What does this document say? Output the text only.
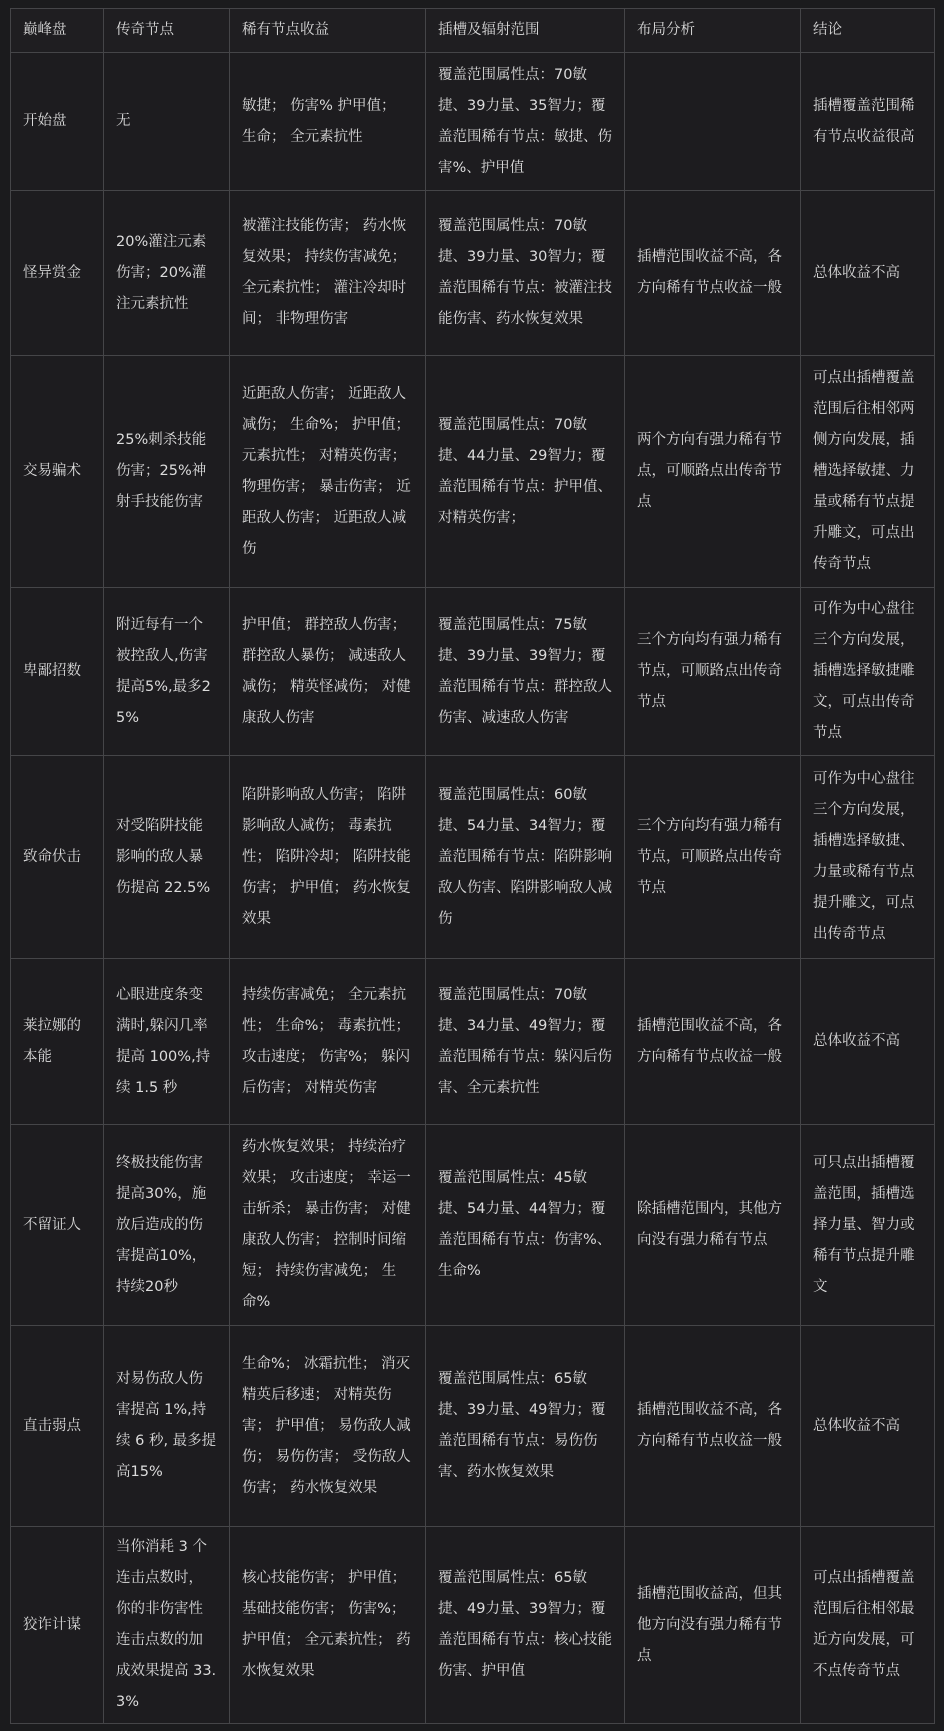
巅峰盘	传奇节点	稀有节点收益	插槽及辐射范围	布局分析	结论
开始盘	无	敏捷； 伤害% 护甲值； 生命； 全元素抗性	覆盖范围属性点：70敏捷、39力量、35智力；覆盖范围稀有节点：敏捷、伤害%、护甲值		插槽覆盖范围稀有节点收益很高
怪异赏金	20%灌注元素伤害；20%灌注元素抗性	被灌注技能伤害； 药水恢复效果； 持续伤害减免； 全元素抗性； 灌注冷却时间； 非物理伤害	覆盖范围属性点：70敏捷、39力量、30智力；覆盖范围稀有节点：被灌注技能伤害、药水恢复效果	插槽范围收益不高，各方向稀有节点收益一般	总体收益不高
交易骗术	25%刺杀技能伤害；25%神射手技能伤害	近距敌人伤害； 近距敌人减伤； 生命%； 护甲值； 元素抗性； 对精英伤害； 物理伤害； 暴击伤害； 近距敌人伤害； 近距敌人减伤	覆盖范围属性点：70敏捷、44力量、29智力；覆盖范围稀有节点：护甲值、对精英伤害；	两个方向有强力稀有节点，可顺路点出传奇节点	可点出插槽覆盖范围后往相邻两侧方向发展，插槽选择敏捷、力量或稀有节点提升雕文，可点出传奇节点
卑鄙招数	附近每有一个被控敌人,伤害提高5%,最多25%	护甲值； 群控敌人伤害； 群控敌人暴伤； 减速敌人减伤； 精英怪减伤； 对健康敌人伤害	覆盖范围属性点：75敏捷、39力量、39智力；覆盖范围稀有节点：群控敌人伤害、减速敌人伤害	三个方向均有强力稀有节点，可顺路点出传奇节点	可作为中心盘往三个方向发展，插槽选择敏捷雕文，可点出传奇节点
致命伏击	对受陷阱技能影响的敌人暴伤提高 22.5%	陷阱影响敌人伤害； 陷阱影响敌人减伤； 毒素抗性； 陷阱冷却； 陷阱技能伤害； 护甲值； 药水恢复效果	覆盖范围属性点：60敏捷、54力量、34智力；覆盖范围稀有节点：陷阱影响敌人伤害、陷阱影响敌人减伤	三个方向均有强力稀有节点，可顺路点出传奇节点	可作为中心盘往三个方向发展，插槽选择敏捷、力量或稀有节点提升雕文，可点出传奇节点
莱拉娜的本能	心眼进度条变满时,躲闪几率提高 100%,持续 1.5 秒	持续伤害减免； 全元素抗性； 生命%； 毒素抗性； 攻击速度； 伤害%； 躲闪后伤害； 对精英伤害	覆盖范围属性点：70敏捷、34力量、49智力；覆盖范围稀有节点：躲闪后伤害、全元素抗性	插槽范围收益不高，各方向稀有节点收益一般	总体收益不高
不留证人	终极技能伤害提高30%，施放后造成的伤害提高10%，持续20秒	药水恢复效果； 持续治疗效果； 攻击速度； 幸运一击斩杀； 暴击伤害； 对健康敌人伤害； 控制时间缩短； 持续伤害减免； 生命%	覆盖范围属性点：45敏捷、54力量、44智力；覆盖范围稀有节点：伤害%、生命%	除插槽范围内，其他方向没有强力稀有节点	可只点出插槽覆盖范围，插槽选择力量、智力或稀有节点提升雕文
直击弱点	对易伤敌人伤害提高 1%,持续 6 秒, 最多提高15%	生命%； 冰霜抗性； 消灭精英后移速； 对精英伤害； 护甲值； 易伤敌人减伤； 易伤伤害； 受伤敌人伤害； 药水恢复效果	覆盖范围属性点：65敏捷、39力量、49智力；覆盖范围稀有节点：易伤伤害、药水恢复效果	插槽范围收益不高，各方向稀有节点收益一般	总体收益不高
狡诈计谋	当你消耗 3 个连击点数时，你的非伤害性连击点数的加成效果提高 33. 3%	核心技能伤害； 护甲值； 基础技能伤害； 伤害%； 护甲值； 全元素抗性； 药水恢复效果	覆盖范围属性点：65敏捷、49力量、39智力；覆盖范围稀有节点：核心技能伤害、护甲值	插槽范围收益高，但其他方向没有强力稀有节点	可点出插槽覆盖范围后往相邻最近方向发展，可不点传奇节点
